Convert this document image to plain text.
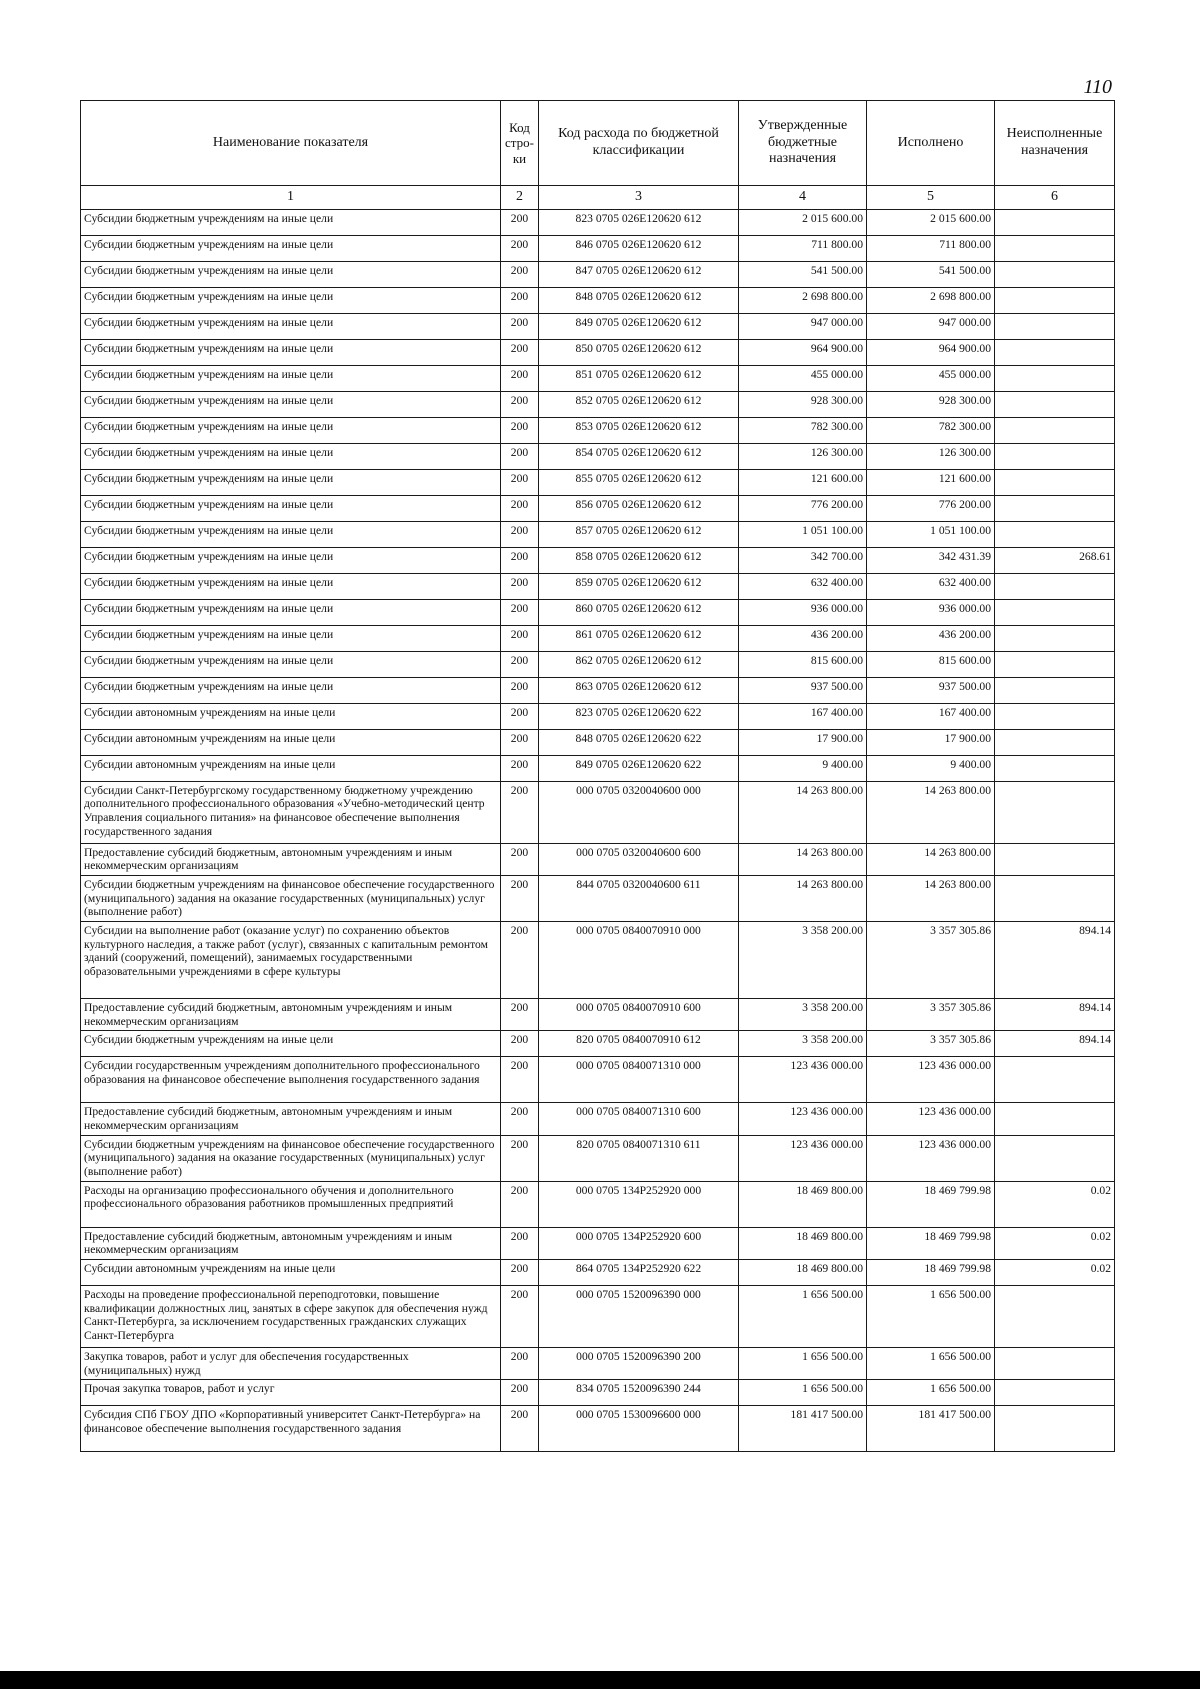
110
Наименование показателя	Код стро-ки	Код расхода по бюджетной классификации	Утвержденные бюджетные назначения	Исполнено	Неисполненные назначения
1	2	3	4	5	6
Субсидии бюджетным учреждениям на иные цели	200	823 0705 026Е120620 612	2 015 600.00	2 015 600.00	
Субсидии бюджетным учреждениям на иные цели	200	846 0705 026Е120620 612	711 800.00	711 800.00	
Субсидии бюджетным учреждениям на иные цели	200	847 0705 026Е120620 612	541 500.00	541 500.00	
Субсидии бюджетным учреждениям на иные цели	200	848 0705 026Е120620 612	2 698 800.00	2 698 800.00	
Субсидии бюджетным учреждениям на иные цели	200	849 0705 026Е120620 612	947 000.00	947 000.00	
Субсидии бюджетным учреждениям на иные цели	200	850 0705 026Е120620 612	964 900.00	964 900.00	
Субсидии бюджетным учреждениям на иные цели	200	851 0705 026Е120620 612	455 000.00	455 000.00	
Субсидии бюджетным учреждениям на иные цели	200	852 0705 026Е120620 612	928 300.00	928 300.00	
Субсидии бюджетным учреждениям на иные цели	200	853 0705 026Е120620 612	782 300.00	782 300.00	
Субсидии бюджетным учреждениям на иные цели	200	854 0705 026Е120620 612	126 300.00	126 300.00	
Субсидии бюджетным учреждениям на иные цели	200	855 0705 026Е120620 612	121 600.00	121 600.00	
Субсидии бюджетным учреждениям на иные цели	200	856 0705 026Е120620 612	776 200.00	776 200.00	
Субсидии бюджетным учреждениям на иные цели	200	857 0705 026Е120620 612	1 051 100.00	1 051 100.00	
Субсидии бюджетным учреждениям на иные цели	200	858 0705 026Е120620 612	342 700.00	342 431.39	268.61
Субсидии бюджетным учреждениям на иные цели	200	859 0705 026Е120620 612	632 400.00	632 400.00	
Субсидии бюджетным учреждениям на иные цели	200	860 0705 026Е120620 612	936 000.00	936 000.00	
Субсидии бюджетным учреждениям на иные цели	200	861 0705 026Е120620 612	436 200.00	436 200.00	
Субсидии бюджетным учреждениям на иные цели	200	862 0705 026Е120620 612	815 600.00	815 600.00	
Субсидии бюджетным учреждениям на иные цели	200	863 0705 026Е120620 612	937 500.00	937 500.00	
Субсидии автономным учреждениям на иные цели	200	823 0705 026Е120620 622	167 400.00	167 400.00	
Субсидии автономным учреждениям на иные цели	200	848 0705 026Е120620 622	17 900.00	17 900.00	
Субсидии автономным учреждениям на иные цели	200	849 0705 026Е120620 622	9 400.00	9 400.00	
Субсидии Санкт-Петербургскому государственному бюджетному учреждению дополнительного профессионального образования «Учебно-методический центр Управления социального питания» на финансовое обеспечение выполнения государственного задания	200	000 0705 0320040600 000	14 263 800.00	14 263 800.00	
Предоставление субсидий бюджетным, автономным учреждениям и иным некоммерческим организациям	200	000 0705 0320040600 600	14 263 800.00	14 263 800.00	
Субсидии бюджетным учреждениям на финансовое обеспечение государственного (муниципального) задания на оказание государственных (муниципальных) услуг (выполнение работ)	200	844 0705 0320040600 611	14 263 800.00	14 263 800.00	
Субсидии на выполнение работ (оказание услуг) по сохранению объектов культурного наследия, а также работ (услуг), связанных с капитальным ремонтом зданий (сооружений, помещений), занимаемых государственными образовательными учреждениями в сфере культуры	200	000 0705 0840070910 000	3 358 200.00	3 357 305.86	894.14
Предоставление субсидий бюджетным, автономным учреждениям и иным некоммерческим организациям	200	000 0705 0840070910 600	3 358 200.00	3 357 305.86	894.14
Субсидии бюджетным учреждениям на иные цели	200	820 0705 0840070910 612	3 358 200.00	3 357 305.86	894.14
Субсидии государственным учреждениям дополнительного профессионального образования на финансовое обеспечение выполнения государственного задания	200	000 0705 0840071310 000	123 436 000.00	123 436 000.00	
Предоставление субсидий бюджетным, автономным учреждениям и иным некоммерческим организациям	200	000 0705 0840071310 600	123 436 000.00	123 436 000.00	
Субсидии бюджетным учреждениям на финансовое обеспечение государственного (муниципального) задания на оказание государственных (муниципальных) услуг (выполнение работ)	200	820 0705 0840071310 611	123 436 000.00	123 436 000.00	
Расходы на организацию профессионального обучения и дополнительного профессионального образования работников промышленных предприятий	200	000 0705 134P252920 000	18 469 800.00	18 469 799.98	0.02
Предоставление субсидий бюджетным, автономным учреждениям и иным некоммерческим организациям	200	000 0705 134P252920 600	18 469 800.00	18 469 799.98	0.02
Субсидии автономным учреждениям на иные цели	200	864 0705 134P252920 622	18 469 800.00	18 469 799.98	0.02
Расходы на проведение профессиональной переподготовки, повышение квалификации должностных лиц, занятых в сфере закупок для обеспечения нужд Санкт-Петербурга, за исключением государственных гражданских служащих Санкт-Петербурга	200	000 0705 1520096390 000	1 656 500.00	1 656 500.00	
Закупка товаров, работ и услуг для обеспечения государственных (муниципальных) нужд	200	000 0705 1520096390 200	1 656 500.00	1 656 500.00	
Прочая закупка товаров, работ и услуг	200	834 0705 1520096390 244	1 656 500.00	1 656 500.00	
Субсидия СПб ГБОУ ДПО «Корпоративный университет Санкт-Петербурга» на финансовое обеспечение выполнения государственного задания	200	000 0705 1530096600 000	181 417 500.00	181 417 500.00	
